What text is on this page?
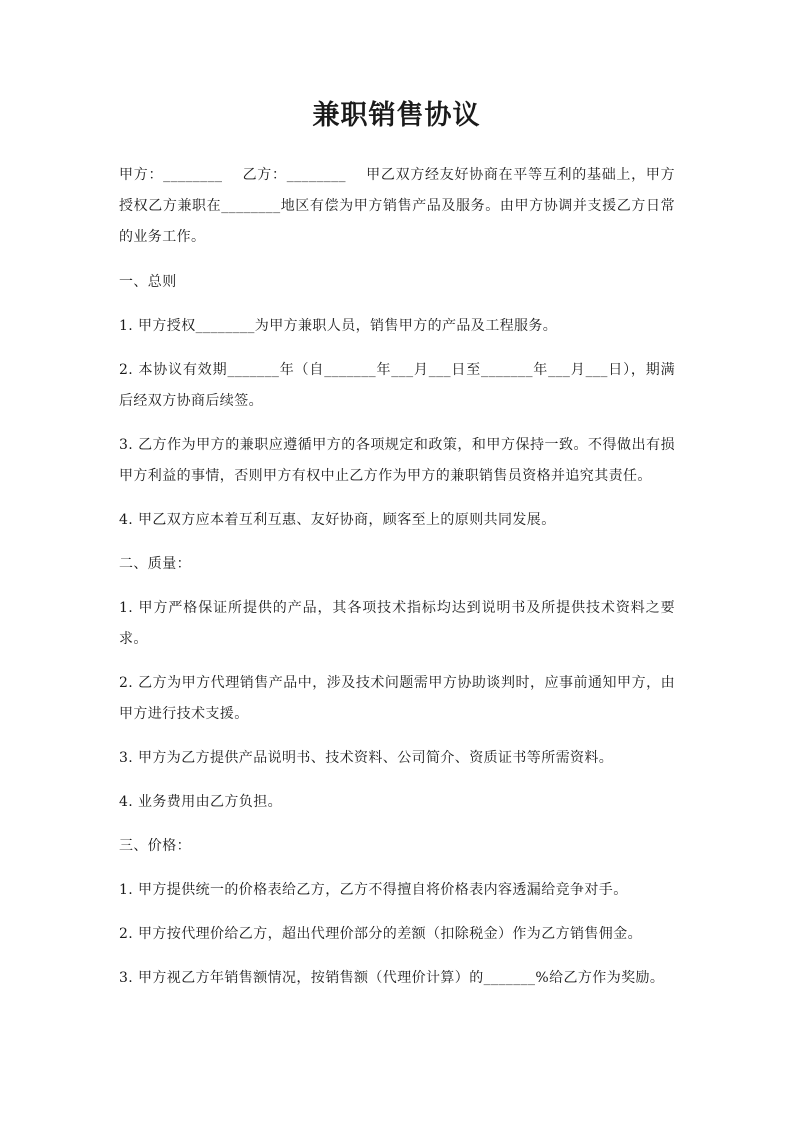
兼职销售协议

甲方：________　 乙方：________　 甲乙双方经友好协商在平等互利的基础上，甲方授权乙方兼职在________地区有偿为甲方销售产品及服务。由甲方协调并支援乙方日常的业务工作。

一、总则

1. 甲方授权________为甲方兼职人员，销售甲方的产品及工程服务。

2. 本协议有效期_______年（自_______年___月___日至_______年___月___日），期满后经双方协商后续签。

3. 乙方作为甲方的兼职应遵循甲方的各项规定和政策，和甲方保持一致。不得做出有损甲方利益的事情，否则甲方有权中止乙方作为甲方的兼职销售员资格并追究其责任。

4. 甲乙双方应本着互利互惠、友好协商，顾客至上的原则共同发展。

二、质量：

1. 甲方严格保证所提供的产品，其各项技术指标均达到说明书及所提供技术资料之要求。

2. 乙方为甲方代理销售产品中，涉及技术问题需甲方协助谈判时，应事前通知甲方，由甲方进行技术支援。

3. 甲方为乙方提供产品说明书、技术资料、公司简介、资质证书等所需资料。

4. 业务费用由乙方负担。

三、价格：

1. 甲方提供统一的价格表给乙方，乙方不得擅自将价格表内容透漏给竞争对手。

2. 甲方按代理价给乙方，超出代理价部分的差额（扣除税金）作为乙方销售佣金。

3. 甲方视乙方年销售额情况，按销售额（代理价计算）的_______%给乙方作为奖励。
